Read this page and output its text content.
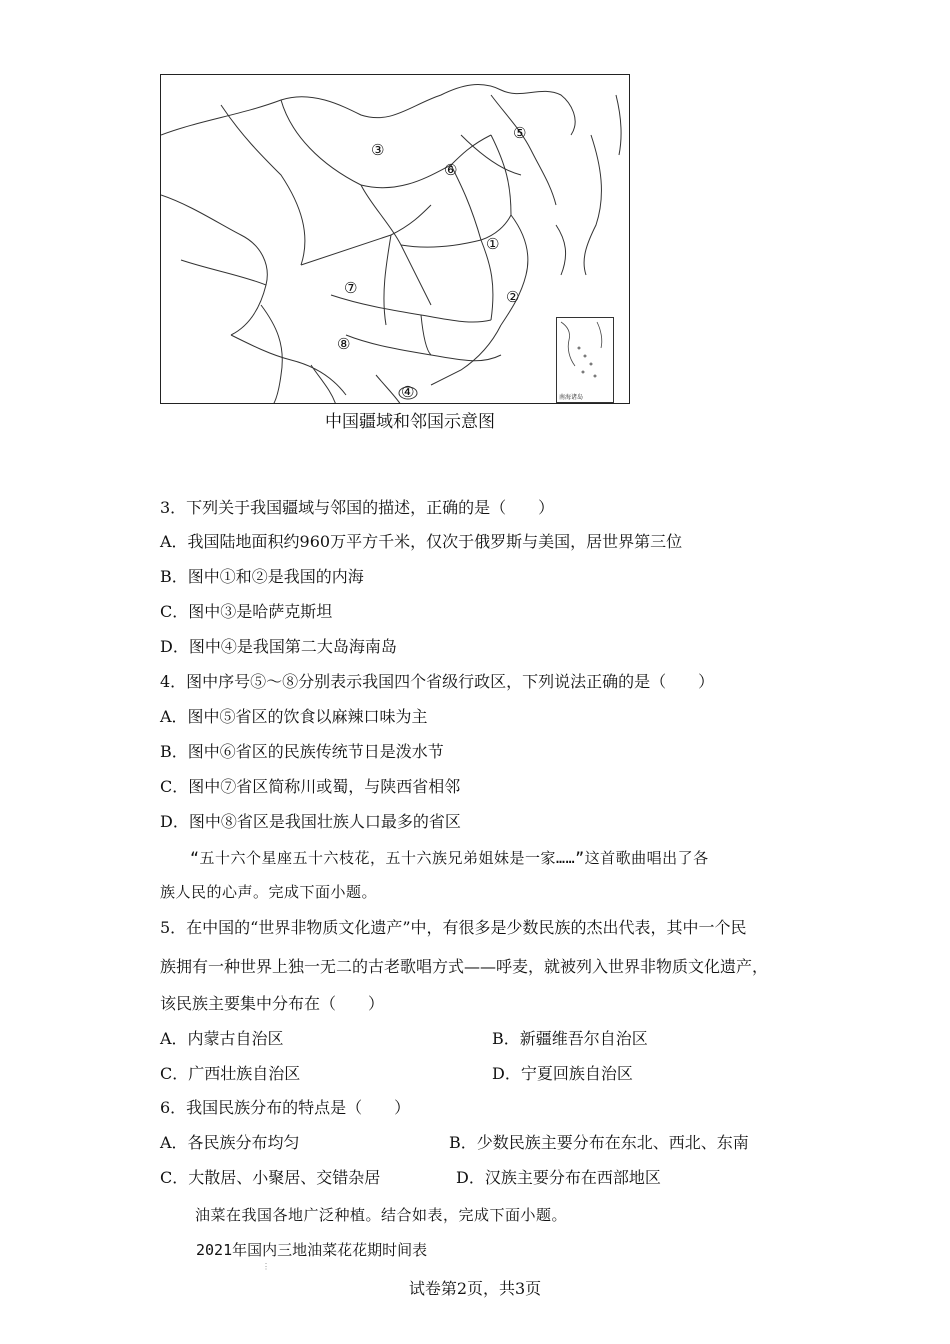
③
⑤
⑥
①
⑦	②
⑧
④	南海诸岛
中国疆域和邻国示意图
3．下列关于我国疆域与邻国的描述，正确的是（　　）
A．我国陆地面积约960万平方千米，仅次于俄罗斯与美国，居世界第三位
B．图中①和②是我国的内海
C．图中③是哈萨克斯坦
D．图中④是我国第二大岛海南岛
4．图中序号⑤～⑧分别表示我国四个省级行政区，下列说法正确的是（　　）
A．图中⑤省区的饮食以麻辣口味为主
B．图中⑥省区的民族传统节日是泼水节
C．图中⑦省区简称川或蜀，与陕西省相邻
D．图中⑧省区是我国壮族人口最多的省区
“五十六个星座五十六枝花，五十六族兄弟姐妹是一家……”这首歌曲唱出了各
族人民的心声。完成下面小题。
5．在中国的“世界非物质文化遗产”中，有很多是少数民族的杰出代表，其中一个民
族拥有一种世界上独一无二的古老歌唱方式——呼麦，就被列入世界非物质文化遗产，
该民族主要集中分布在（　　）
A．内蒙古自治区	B．新疆维吾尔自治区
C．广西壮族自治区	D．宁夏回族自治区
6．我国民族分布的特点是（　　）
A．各民族分布均匀	B．少数民族主要分布在东北、西北、东南
C．大散居、小聚居、交错杂居	D．汉族主要分布在西部地区
油菜在我国各地广泛种植。结合如表，完成下面小题。
2021年国内三地油菜花花期时间表
⋮
试卷第2页，共3页
